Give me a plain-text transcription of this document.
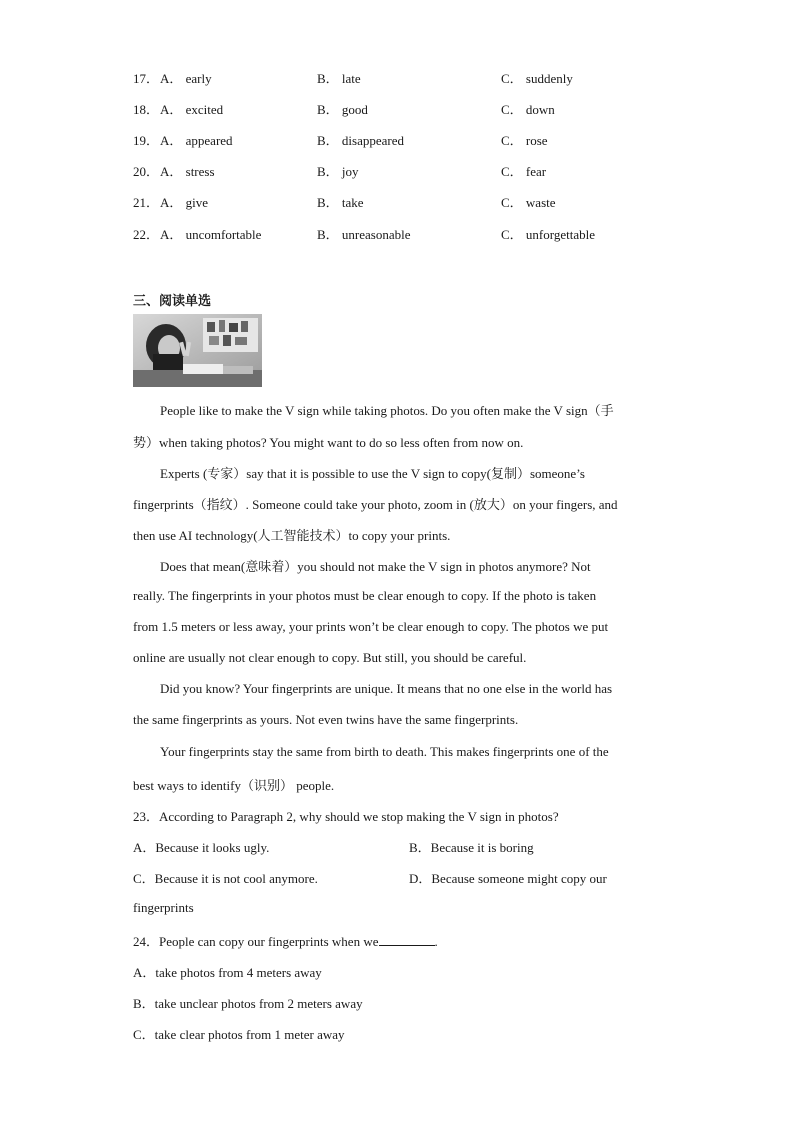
17． A． early	B． late	C． suddenly
18． A． excited	B． good	C． down
19． A． appeared	B． disappeared	C． rose
20． A． stress	B． joy	C． fear
21． A． give	B． take	C． waste
22． A． uncomfortable	B． unreasonable	C． unforgettable
三、阅读单选
People like to make the V sign while taking photos. Do you often make the V sign（手
势）when taking photos? You might want to do so less often from now on.
Experts (专家）say that it is possible to use the V sign to copy(复制）someone’s
fingerprints（指纹）. Someone could take your photo, zoom in (放大）on your fingers, and
then use AI technology(人工智能技术）to copy your prints.
Does that mean(意味着）you should not make the V sign in photos anymore? Not
really. The fingerprints in your photos must be clear enough to copy. If the photo is taken
from 1.5 meters or less away, your prints won’t be clear enough to copy. The photos we put
online are usually not clear enough to copy. But still, you should be careful.
Did you know? Your fingerprints are unique. It means that no one else in the world has
the same fingerprints as yours. Not even twins have the same fingerprints.
Your fingerprints stay the same from birth to death. This makes fingerprints one of the
best ways to identify（识别） people.
23．According to Paragraph 2, why should we stop making the V sign in photos?
A．Because it looks ugly.	B．Because it is boring
C．Because it is not cool anymore.	D．Because someone might copy our
fingerprints
24．People can copy our fingerprints when we	.
A．take photos from 4 meters away
B．take unclear photos from 2 meters away
C．take clear photos from 1 meter away
